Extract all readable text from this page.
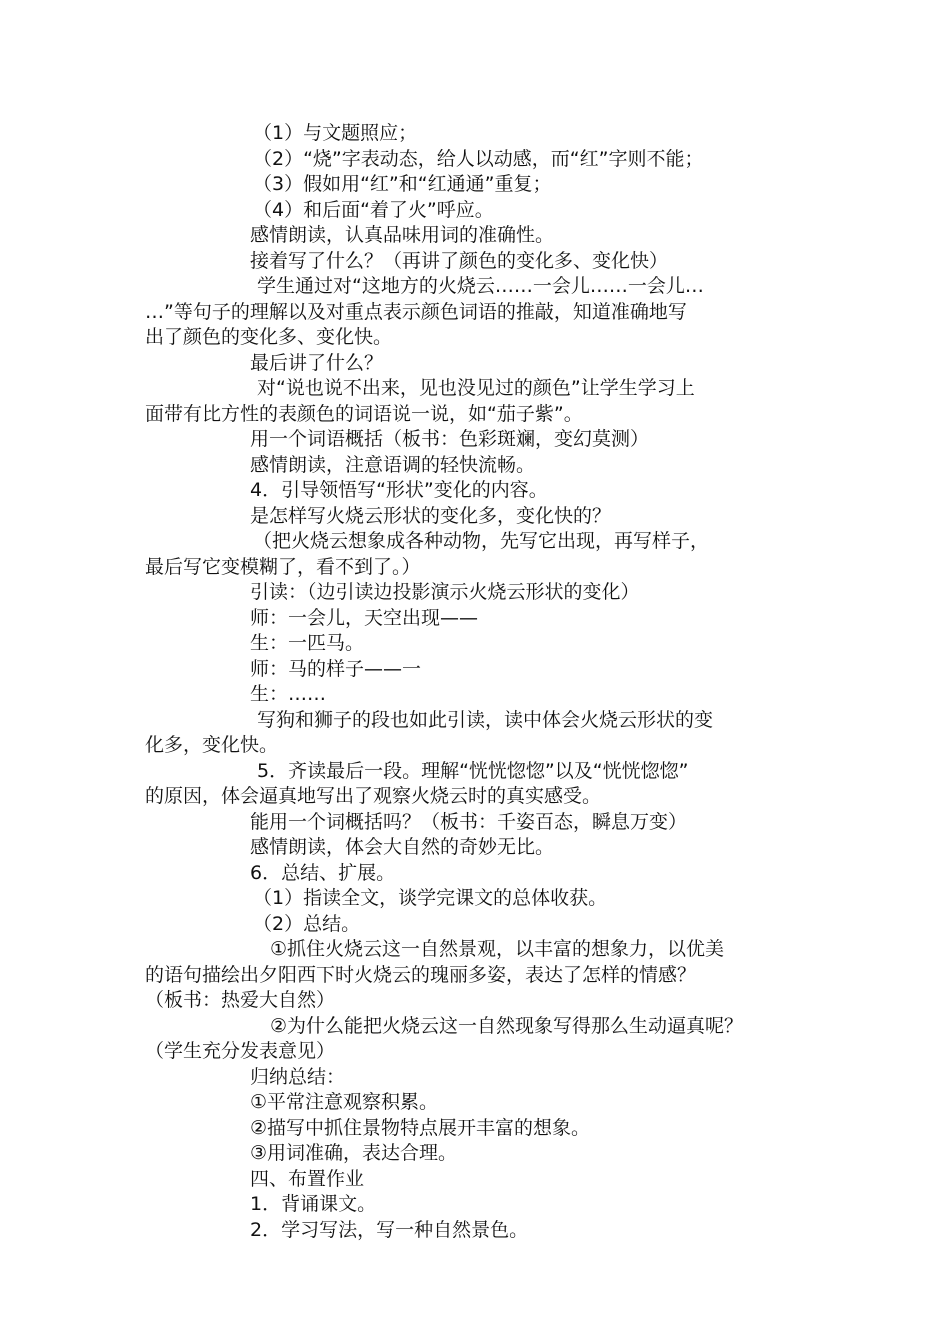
（1）与文题照应；
（2）“烧”字表动态，给人以动感，而“红”字则不能；
（3）假如用“红”和“红通通”重复；
（4）和后面“着了火”呼应。
感情朗读，认真品味用词的准确性。
接着写了什么？（再讲了颜色的变化多、变化快）
学生通过对“这地方的火烧云……一会儿……一会儿…
…”等句子的理解以及对重点表示颜色词语的推敲，知道准确地写
出了颜色的变化多、变化快。
最后讲了什么？
对“说也说不出来，见也没见过的颜色”让学生学习上
面带有比方性的表颜色的词语说一说，如“茄子紫”。
用一个词语概括（板书：色彩斑斓，变幻莫测）
感情朗读，注意语调的轻快流畅。
4．引导领悟写“形状”变化的内容。
是怎样写火烧云形状的变化多，变化快的？
（把火烧云想象成各种动物，先写它出现，再写样子，
最后写它变模糊了，看不到了。）
引读：（边引读边投影演示火烧云形状的变化）
师：一会儿，天空出现——
生：一匹马。
师：马的样子——一
生：……
写狗和狮子的段也如此引读，读中体会火烧云形状的变
化多，变化快。
5．齐读最后一段。理解“恍恍惚惚”以及“恍恍惚惚”
的原因，体会逼真地写出了观察火烧云时的真实感受。
能用一个词概括吗？（板书：千姿百态，瞬息万变）
感情朗读，体会大自然的奇妙无比。
6．总结、扩展。
（1）指读全文，谈学完课文的总体收获。
（2）总结。
①抓住火烧云这一自然景观，以丰富的想象力，以优美
的语句描绘出夕阳西下时火烧云的瑰丽多姿，表达了怎样的情感？
（板书：热爱大自然）
②为什么能把火烧云这一自然现象写得那么生动逼真呢？
（学生充分发表意见）
归纳总结：
①平常注意观察积累。
②描写中抓住景物特点展开丰富的想象。
③用词准确，表达合理。
四、布置作业
1．背诵课文。
2．学习写法，写一种自然景色。
